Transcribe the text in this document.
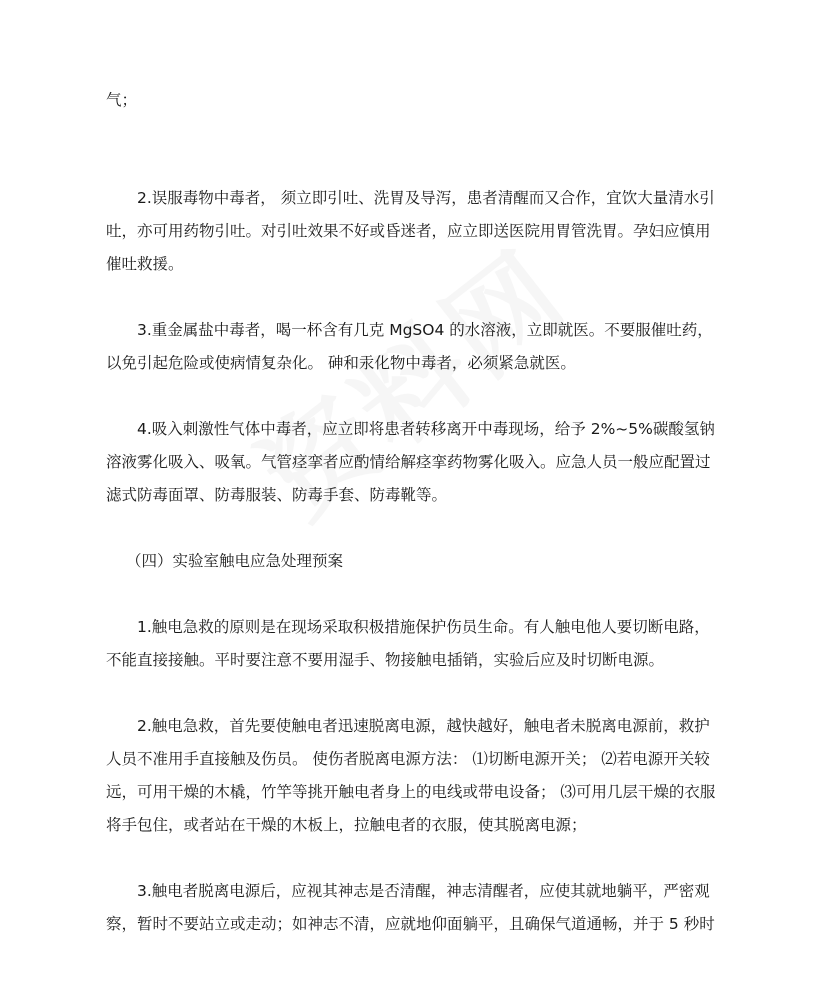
气；

2.误服毒物中毒者， 须立即引吐、洗胃及导泻，患者清醒而又合作，宜饮大量清水引

吐，亦可用药物引吐。对引吐效果不好或昏迷者，应立即送医院用胃管洗胃。孕妇应慎用

催吐救援。

3.重金属盐中毒者，喝一杯含有几克 MgSO4 的水溶液，立即就医。不要服催吐药，

以免引起危险或使病情复杂化。 砷和汞化物中毒者，必须紧急就医。

4.吸入刺激性气体中毒者，应立即将患者转移离开中毒现场，给予 2%~5%碳酸氢钠

溶液雾化吸入、吸氧。气管痉挛者应酌情给解痉挛药物雾化吸入。应急人员一般应配置过

滤式防毒面罩、防毒服装、防毒手套、防毒靴等。

（四）实验室触电应急处理预案

1.触电急救的原则是在现场采取积极措施保护伤员生命。有人触电他人要切断电路，

不能直接接触。平时要注意不要用湿手、物接触电插销，实验后应及时切断电源。

2.触电急救，首先要使触电者迅速脱离电源，越快越好，触电者未脱离电源前，救护

人员不准用手直接触及伤员。 使伤者脱离电源方法： ⑴切断电源开关； ⑵若电源开关较

远，可用干燥的木橇，竹竿等挑开触电者身上的电线或带电设备； ⑶可用几层干燥的衣服

将手包住，或者站在干燥的木板上，拉触电者的衣服，使其脱离电源；

3.触电者脱离电源后，应视其神志是否清醒，神志清醒者，应使其就地躺平，严密观

察，暂时不要站立或走动；如神志不清，应就地仰面躺平，且确保气道通畅，并于 5 秒时
